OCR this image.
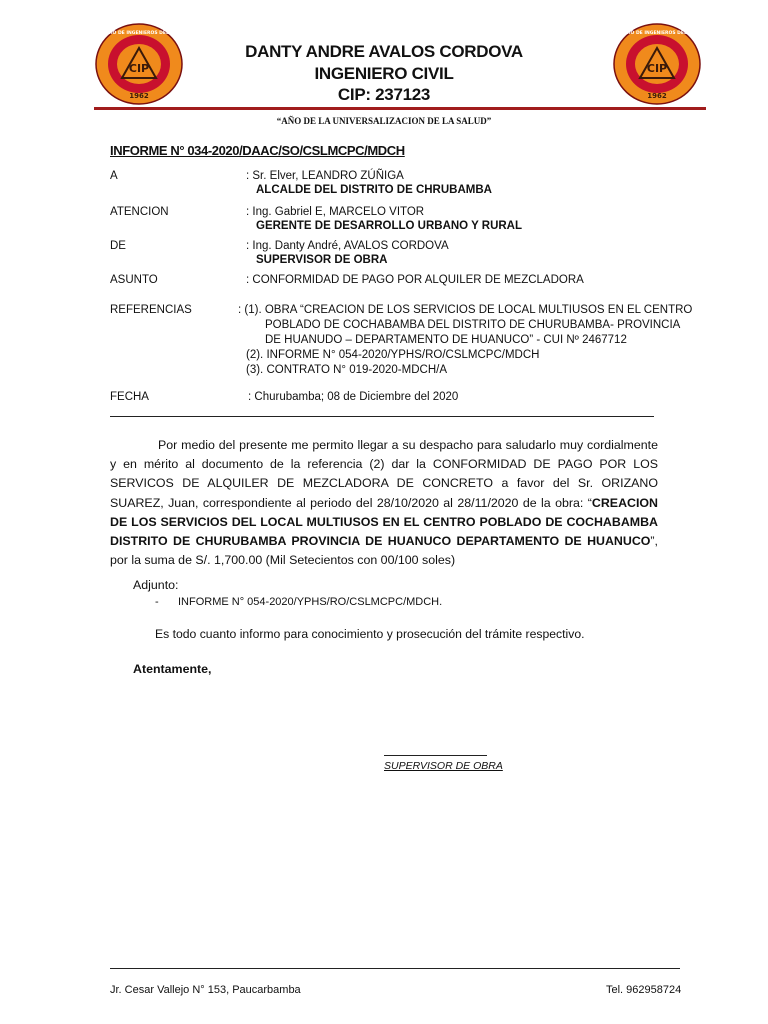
CIP
1962
COLEGIO DE INGENIEROS DEL PERU
CIP
1962
COLEGIO DE INGENIEROS DEL PERU
DANTY ANDRE AVALOS CORDOVA
INGENIERO CIVIL
CIP: 237123
“AÑO DE LA UNIVERSALIZACION DE LA SALUD”
INFORME N° 034-2020/DAAC/SO/CSLMCPC/MDCH
A	: Sr. Elver, LEANDRO ZÚÑIGA
ALCALDE DEL DISTRITO DE CHRUBAMBA
ATENCION	: Ing. Gabriel E, MARCELO VITOR
GERENTE DE DESARROLLO URBANO Y RURAL
DE	: Ing. Danty André, AVALOS CORDOVA
SUPERVISOR DE OBRA
ASUNTO	: CONFORMIDAD DE PAGO POR ALQUILER DE MEZCLADORA
REFERENCIAS	: (1). OBRA “CREACION DE LOS SERVICIOS DE LOCAL MULTIUSOS EN EL CENTRO
POBLADO DE COCHABAMBA DEL DISTRITO DE CHURUBAMBA- PROVINCIA
DE HUANUDO – DEPARTAMENTO DE HUANUCO” - CUI Nº 2467712
(2). INFORME N° 054-2020/YPHS/RO/CSLMCPC/MDCH
(3). CONTRATO N° 019-2020-MDCH/A
FECHA	: Churubamba; 08 de Diciembre del 2020
Por medio del presente me permito llegar a su despacho para saludarlo muy cordialmente y en mérito al documento de la referencia (2) dar la CONFORMIDAD DE PAGO POR LOS SERVICOS DE ALQUILER DE MEZCLADORA DE CONCRETO a favor del Sr. ORIZANO SUAREZ, Juan, correspondiente al periodo del 28/10/2020 al 28/11/2020 de la obra: “CREACION DE LOS SERVICIOS DEL LOCAL MULTIUSOS EN EL CENTRO POBLADO DE COCHABAMBA DISTRITO DE CHURUBAMBA PROVINCIA DE HUANUCO DEPARTAMENTO DE HUANUCO”, por la suma de S/. 1,700.00 (Mil Setecientos con 00/100 soles)
Adjunto:
- INFORME N° 054-2020/YPHS/RO/CSLMCPC/MDCH.
Es todo cuanto informo para conocimiento y prosecución del trámite respectivo.
Atentamente,
SUPERVISOR DE OBRA
Jr. Cesar Vallejo N° 153, Paucarbamba	Tel. 962958724
